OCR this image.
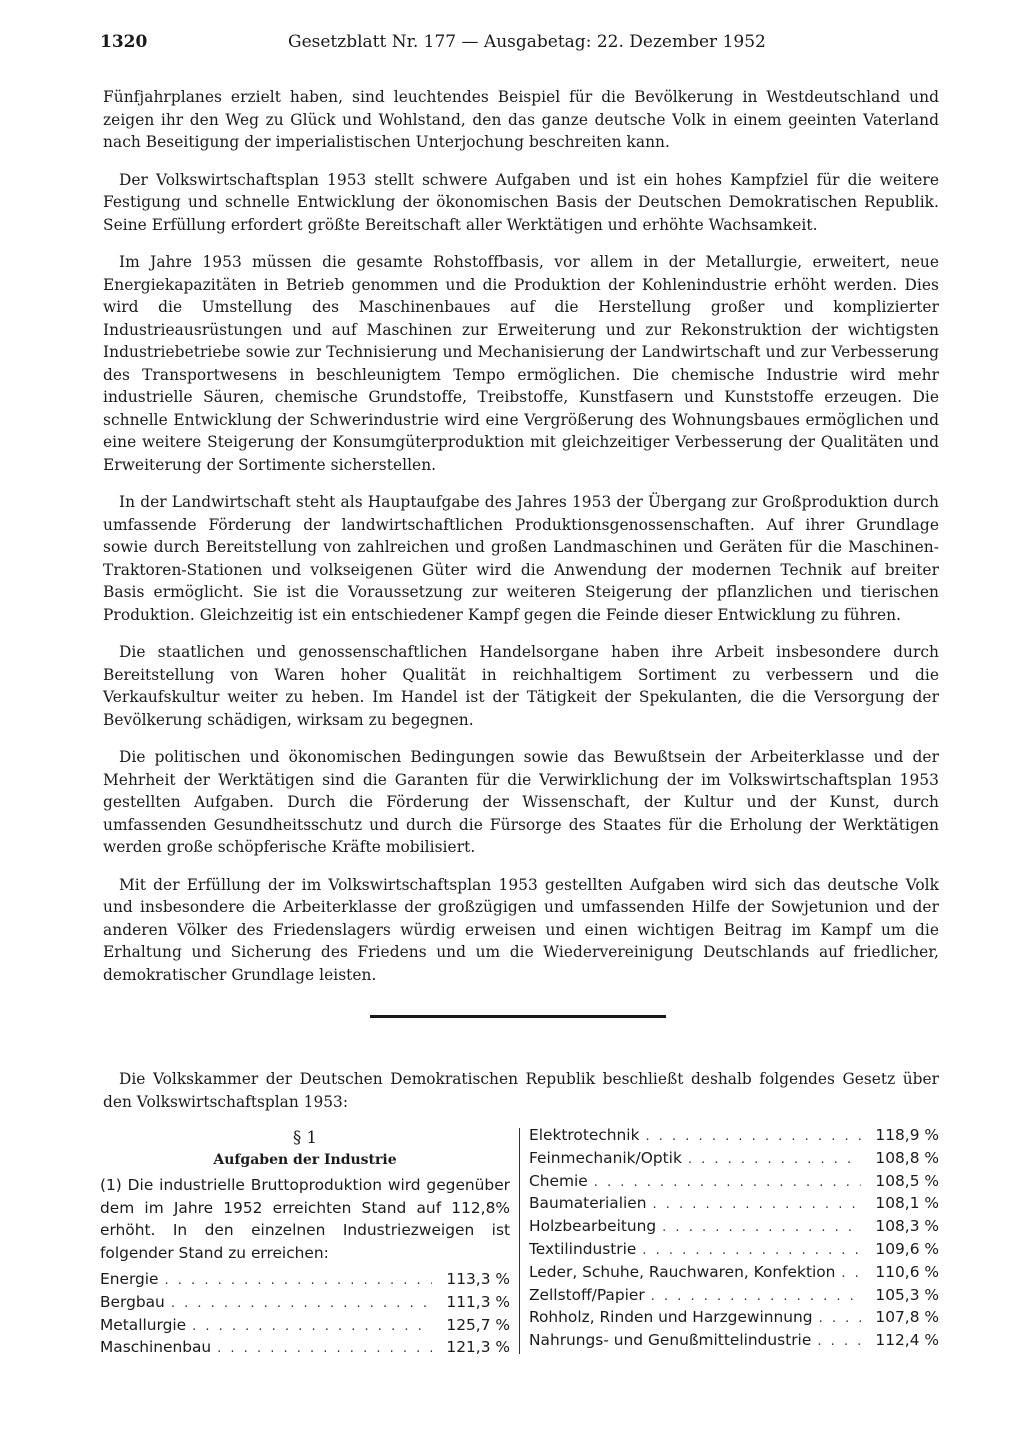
1320	Gesetzblatt Nr. 177 — Ausgabetag: 22. Dezember 1952

Fünfjahrplanes erzielt haben, sind leuchtendes Beispiel für die Bevölkerung in Westdeutschland und zeigen ihr den Weg zu Glück und Wohlstand, den das ganze deutsche Volk in einem geeinten Vaterland nach Beseitigung der imperialistischen Unterjochung beschreiten kann.

Der Volkswirtschaftsplan 1953 stellt schwere Aufgaben und ist ein hohes Kampfziel für die weitere Festigung und schnelle Entwicklung der ökonomischen Basis der Deutschen Demokratischen Republik. Seine Erfüllung erfordert größte Bereitschaft aller Werktätigen und erhöhte Wachsamkeit.

Im Jahre 1953 müssen die gesamte Rohstoffbasis, vor allem in der Metallurgie, erweitert, neue Energiekapazitäten in Betrieb genommen und die Produktion der Kohlenindustrie erhöht werden. Dies wird die Umstellung des Maschinenbaues auf die Herstellung großer und komplizierter Industrieausrüstungen und auf Maschinen zur Erweiterung und zur Rekonstruktion der wichtigsten Industriebetriebe sowie zur Technisierung und Mechanisierung der Landwirtschaft und zur Verbesserung des Transportwesens in beschleunigtem Tempo ermöglichen. Die chemische Industrie wird mehr industrielle Säuren, chemische Grundstoffe, Treibstoffe, Kunstfasern und Kunststoffe erzeugen. Die schnelle Entwicklung der Schwerindustrie wird eine Vergrößerung des Wohnungsbaues ermöglichen und eine weitere Steigerung der Konsumgüterproduktion mit gleichzeitiger Verbesserung der Qualitäten und Erweiterung der Sortimente sicherstellen.

In der Landwirtschaft steht als Hauptaufgabe des Jahres 1953 der Übergang zur Großproduktion durch umfassende Förderung der landwirtschaftlichen Produktionsgenossenschaften. Auf ihrer Grundlage sowie durch Bereitstellung von zahlreichen und großen Landmaschinen und Geräten für die Maschinen-Traktoren-Stationen und volkseigenen Güter wird die Anwendung der modernen Technik auf breiter Basis ermöglicht. Sie ist die Voraussetzung zur weiteren Steigerung der pflanzlichen und tierischen Produktion. Gleichzeitig ist ein entschiedener Kampf gegen die Feinde dieser Entwicklung zu führen.

Die staatlichen und genossenschaftlichen Handelsorgane haben ihre Arbeit insbesondere durch Bereitstellung von Waren hoher Qualität in reichhaltigem Sortiment zu verbessern und die Verkaufskultur weiter zu heben. Im Handel ist der Tätigkeit der Spekulanten, die die Versorgung der Bevölkerung schädigen, wirksam zu begegnen.

Die politischen und ökonomischen Bedingungen sowie das Bewußtsein der Arbeiterklasse und der Mehrheit der Werktätigen sind die Garanten für die Verwirklichung der im Volkswirtschaftsplan 1953 gestellten Aufgaben. Durch die Förderung der Wissenschaft, der Kultur und der Kunst, durch umfassenden Gesundheitsschutz und durch die Fürsorge des Staates für die Erholung der Werktätigen werden große schöpferische Kräfte mobilisiert.

Mit der Erfüllung der im Volkswirtschaftsplan 1953 gestellten Aufgaben wird sich das deutsche Volk und insbesondere die Arbeiterklasse der großzügigen und umfassenden Hilfe der Sowjetunion und der anderen Völker des Friedenslagers würdig erweisen und einen wichtigen Beitrag im Kampf um die Erhaltung und Sicherung des Friedens und um die Wiedervereinigung Deutschlands auf friedlicher, demokratischer Grundlage leisten.

Die Volkskammer der Deutschen Demokratischen Republik beschließt deshalb folgendes Gesetz über den Volkswirtschaftsplan 1953:

§ 1

Aufgaben der Industrie

(1) Die industrielle Bruttoproduktion wird gegenüber dem im Jahre 1952 erreichten Stand auf 112,8% erhöht. In den einzelnen Industriezweigen ist folgender Stand zu erreichen:

Energie . . .	113,3 %
Bergbau . . .	111,3 %
Metallurgie . . .	125,7 %
Maschinenbau . . .	121,3 %
Elektrotechnik . . .	118,9 %
Feinmechanik/Optik . . .	108,8 %
Chemie . . .	108,5 %
Baumaterialien . . .	108,1 %
Holzbearbeitung . . .	108,3 %
Textilindustrie . . .	109,6 %
Leder, Schuhe, Rauchwaren, Konfektion . . .	110,6 %
Zellstoff/Papier . . .	105,3 %
Rohholz, Rinden und Harzgewinnung . . .	107,8 %
Nahrungs- und Genußmittelindustrie . . .	112,4 %
